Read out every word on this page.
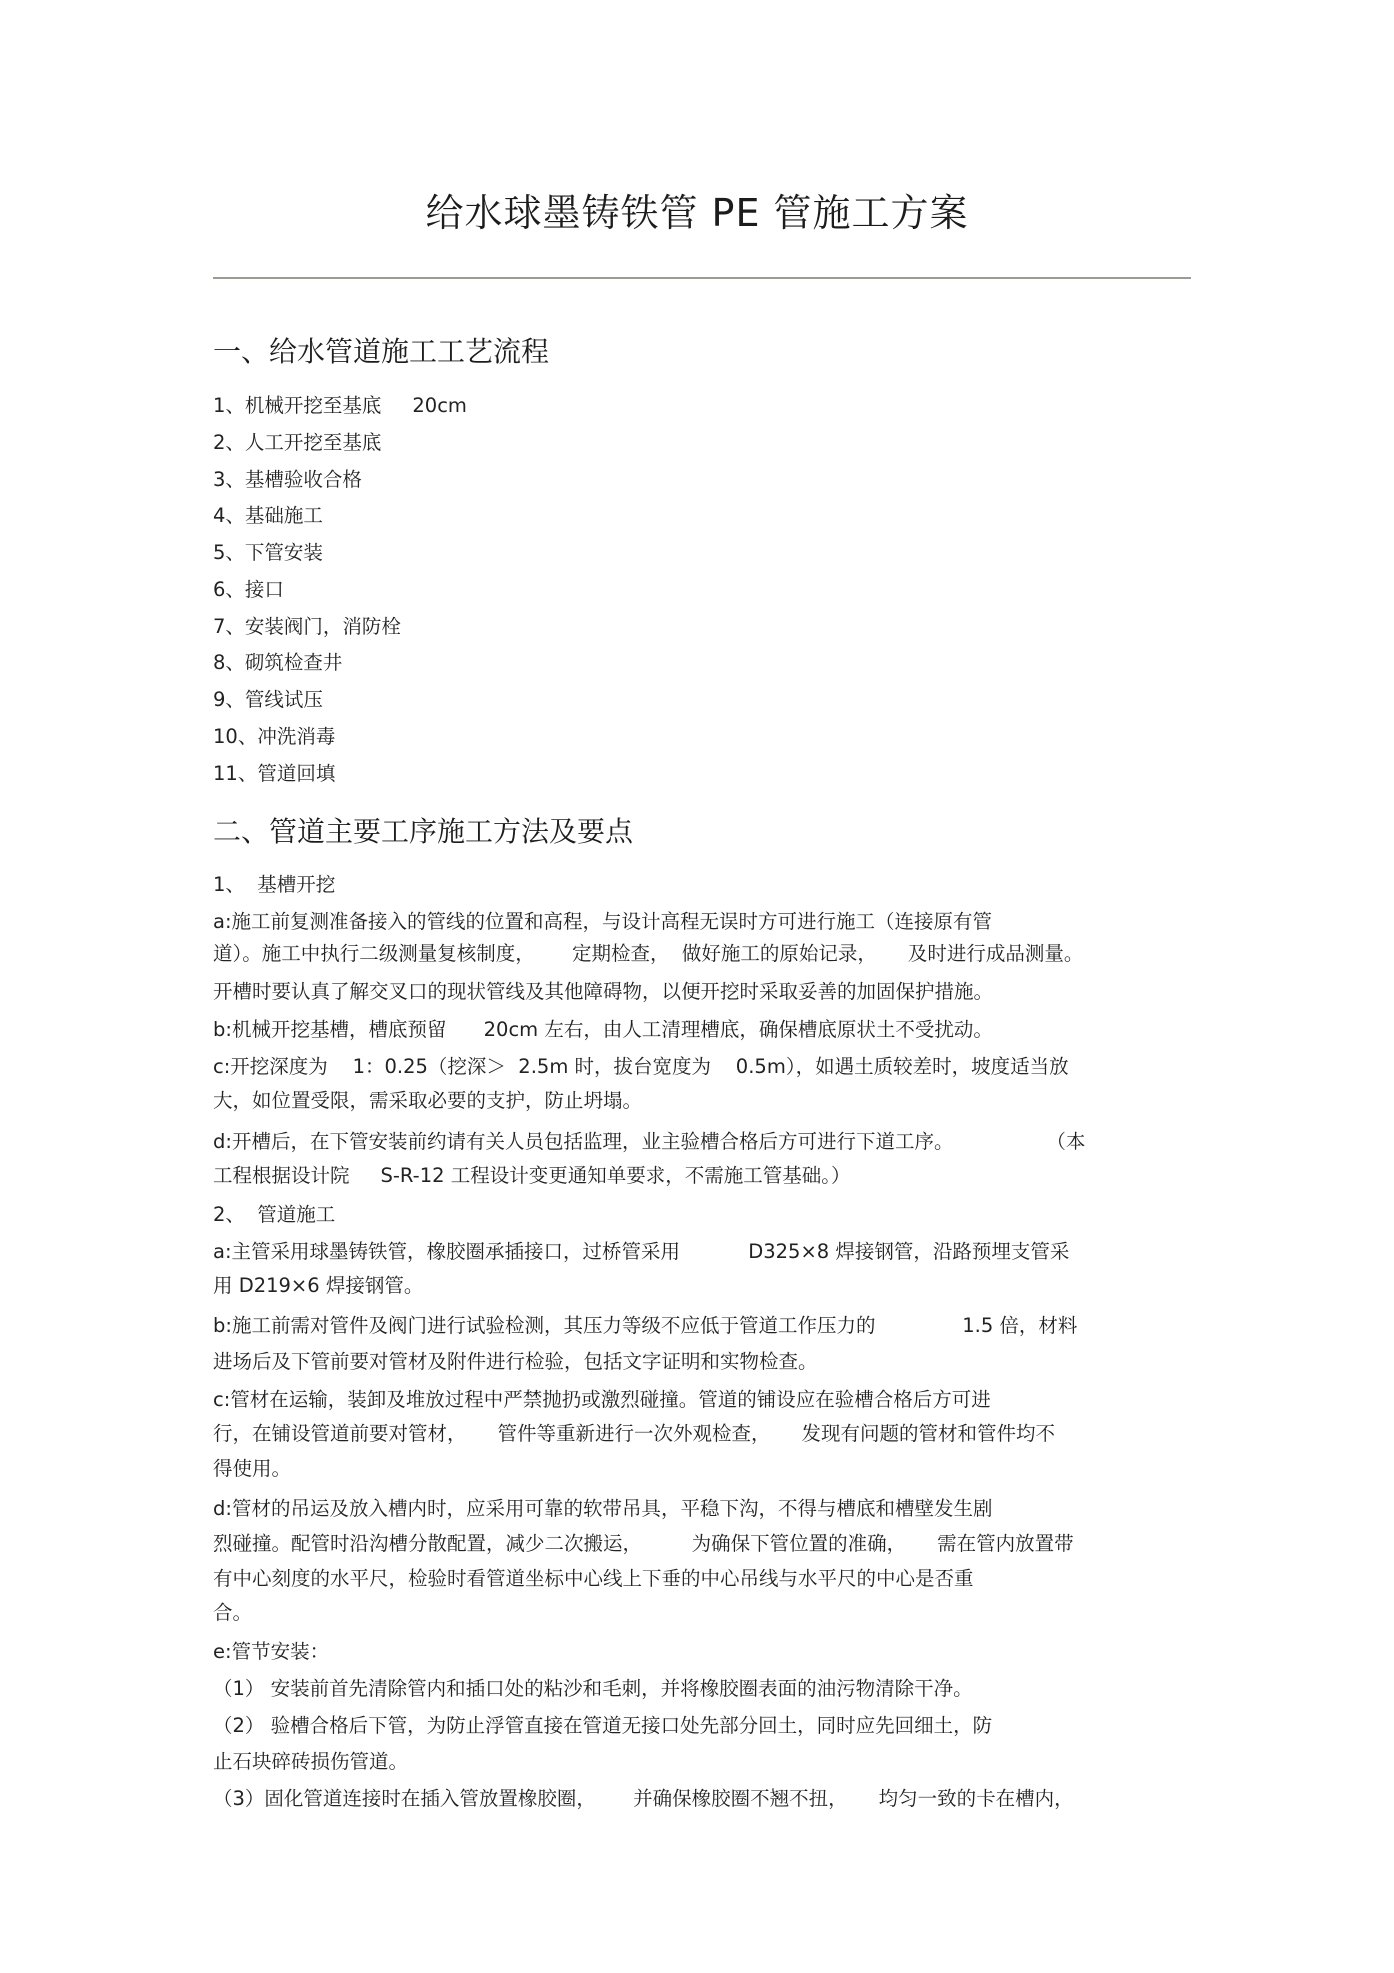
给水球墨铸铁管 PE 管施工方案
一、给水管道施工工艺流程
1、机械开挖至基底     20cm
2、人工开挖至基底
3、基槽验收合格
4、基础施工
5、下管安装
6、接口
7、安装阀门，消防栓
8、砌筑检查井
9、管线试压
10、冲洗消毒
11、管道回填
二、管道主要工序施工方法及要点
1、  基槽开挖
a:施工前复测准备接入的管线的位置和高程，与设计高程无误时方可进行施工（连接原有管
道）。施工中执行二级测量复核制度，      定期检查，  做好施工的原始记录，     及时进行成品测量。
开槽时要认真了解交叉口的现状管线及其他障碍物，以便开挖时采取妥善的加固保护措施。
b:机械开挖基槽，槽底预留      20cm 左右，由人工清理槽底，确保槽底原状土不受扰动。
c:开挖深度为    1：0.25（挖深＞  2.5m 时，拔台宽度为    0.5m），如遇土质较差时，坡度适当放
大，如位置受限，需采取必要的支护，防止坍塌。
d:开槽后，在下管安装前约请有关人员包括监理，业主验槽合格后方可进行下道工序。               （本
工程根据设计院     S-R-12 工程设计变更通知单要求，不需施工管基础。）
2、  管道施工
a:主管采用球墨铸铁管，橡胶圈承插接口，过桥管采用           D325×8 焊接钢管，沿路预埋支管采
用 D219×6 焊接钢管。
b:施工前需对管件及阀门进行试验检测，其压力等级不应低于管道工作压力的              1.5 倍，材料
进场后及下管前要对管材及附件进行检验，包括文字证明和实物检查。
c:管材在运输，装卸及堆放过程中严禁抛扔或激烈碰撞。管道的铺设应在验槽合格后方可进
行，在铺设管道前要对管材，     管件等重新进行一次外观检查，     发现有问题的管材和管件均不
得使用。
d:管材的吊运及放入槽内时，应采用可靠的软带吊具，平稳下沟，不得与槽底和槽壁发生剧
烈碰撞。配管时沿沟槽分散配置，减少二次搬运，        为确保下管位置的准确，     需在管内放置带
有中心刻度的水平尺，检验时看管道坐标中心线上下垂的中心吊线与水平尺的中心是否重
合。
e:管节安装：
（1） 安装前首先清除管内和插口处的粘沙和毛刺，并将橡胶圈表面的油污物清除干净。
（2） 验槽合格后下管，为防止浮管直接在管道无接口处先部分回土，同时应先回细土，防
止石块碎砖损伤管道。
（3）固化管道连接时在插入管放置橡胶圈，      并确保橡胶圈不翘不扭，     均匀一致的卡在槽内，
